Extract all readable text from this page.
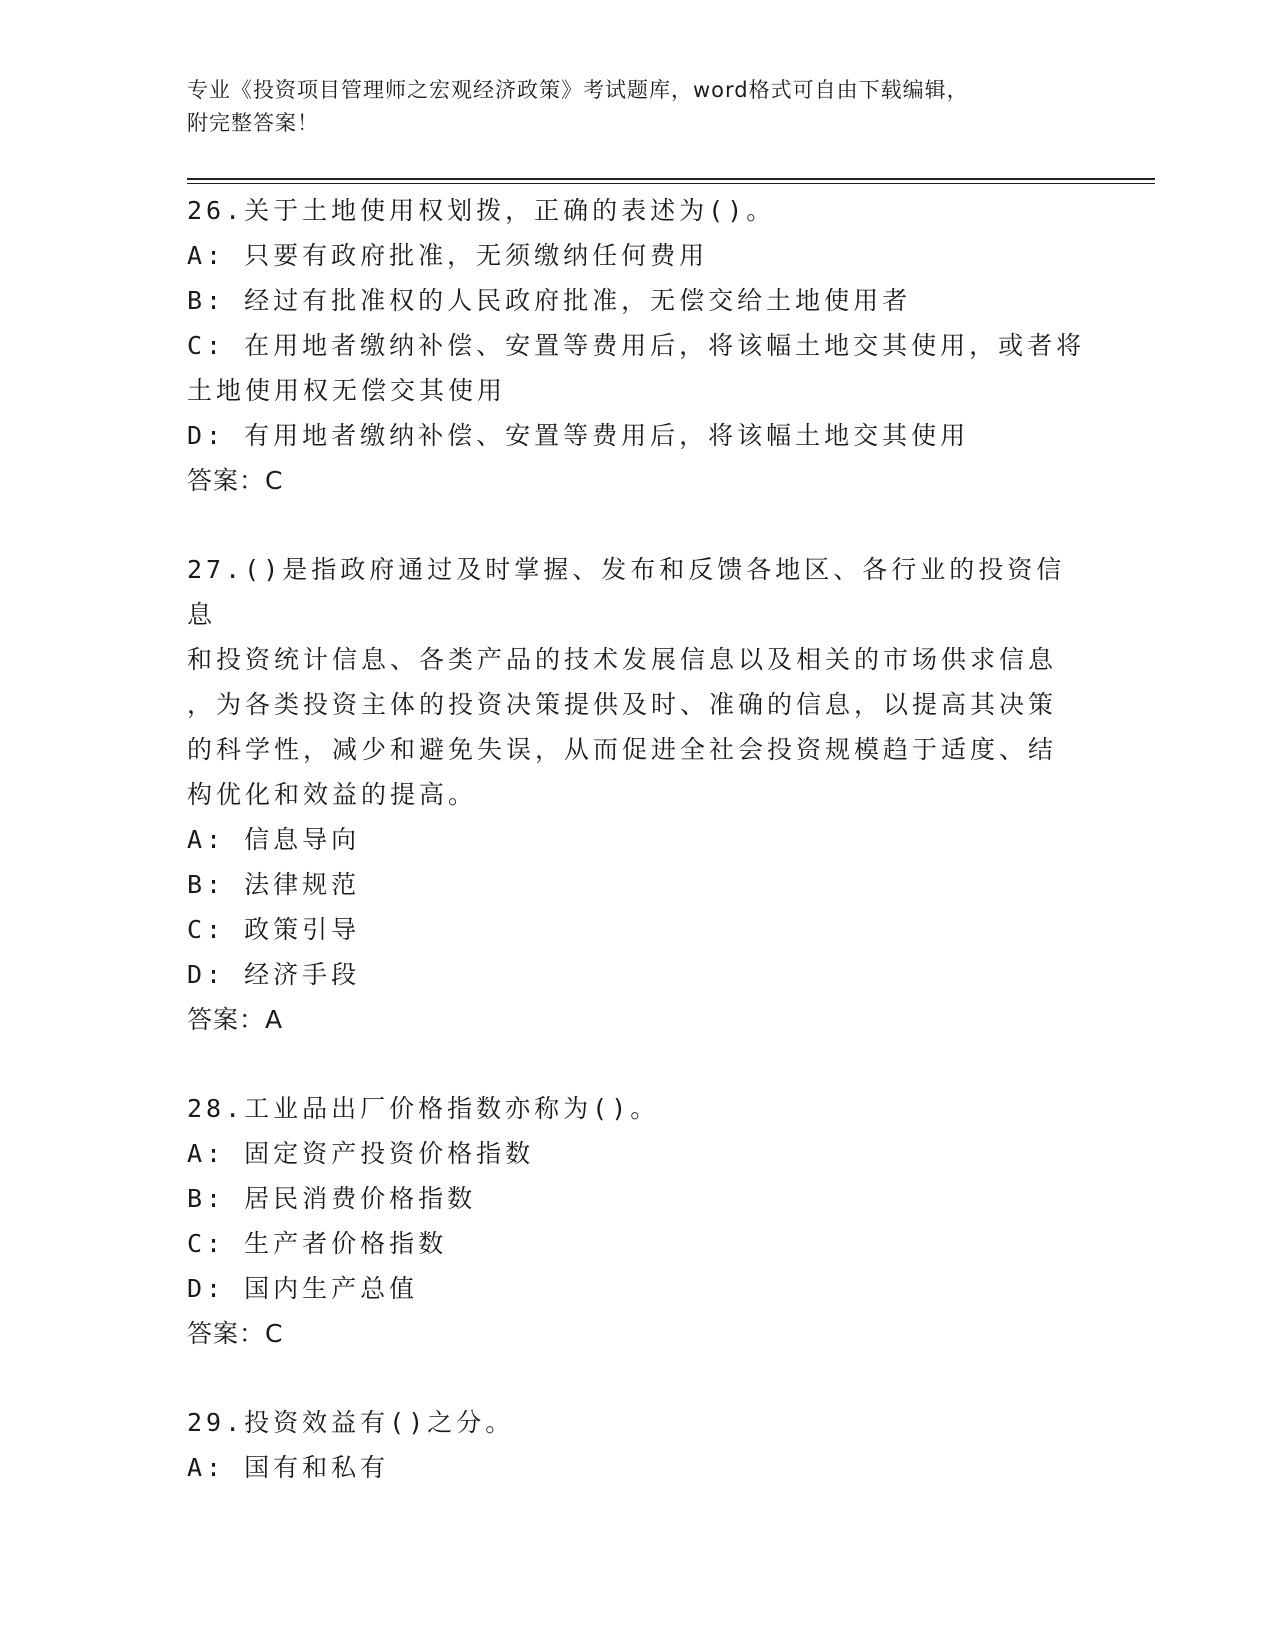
专业《投资项目管理师之宏观经济政策》考试题库，word格式可自由下载编辑，
附完整答案！
26.关于土地使用权划拨，正确的表述为()。
A: 只要有政府批准，无须缴纳任何费用
B: 经过有批准权的人民政府批准，无偿交给土地使用者
C: 在用地者缴纳补偿、安置等费用后，将该幅土地交其使用，或者将
土地使用权无偿交其使用
D: 有用地者缴纳补偿、安置等费用后，将该幅土地交其使用
答案：C
27.()是指政府通过及时掌握、发布和反馈各地区、各行业的投资信息
和投资统计信息、各类产品的技术发展信息以及相关的市场供求信息
，为各类投资主体的投资决策提供及时、准确的信息，以提高其决策
的科学性，减少和避免失误，从而促进全社会投资规模趋于适度、结
构优化和效益的提高。
A: 信息导向
B: 法律规范
C: 政策引导
D: 经济手段
答案：A
28.工业品出厂价格指数亦称为()。
A: 固定资产投资价格指数
B: 居民消费价格指数
C: 生产者价格指数
D: 国内生产总值
答案：C
29.投资效益有()之分。
A: 国有和私有
